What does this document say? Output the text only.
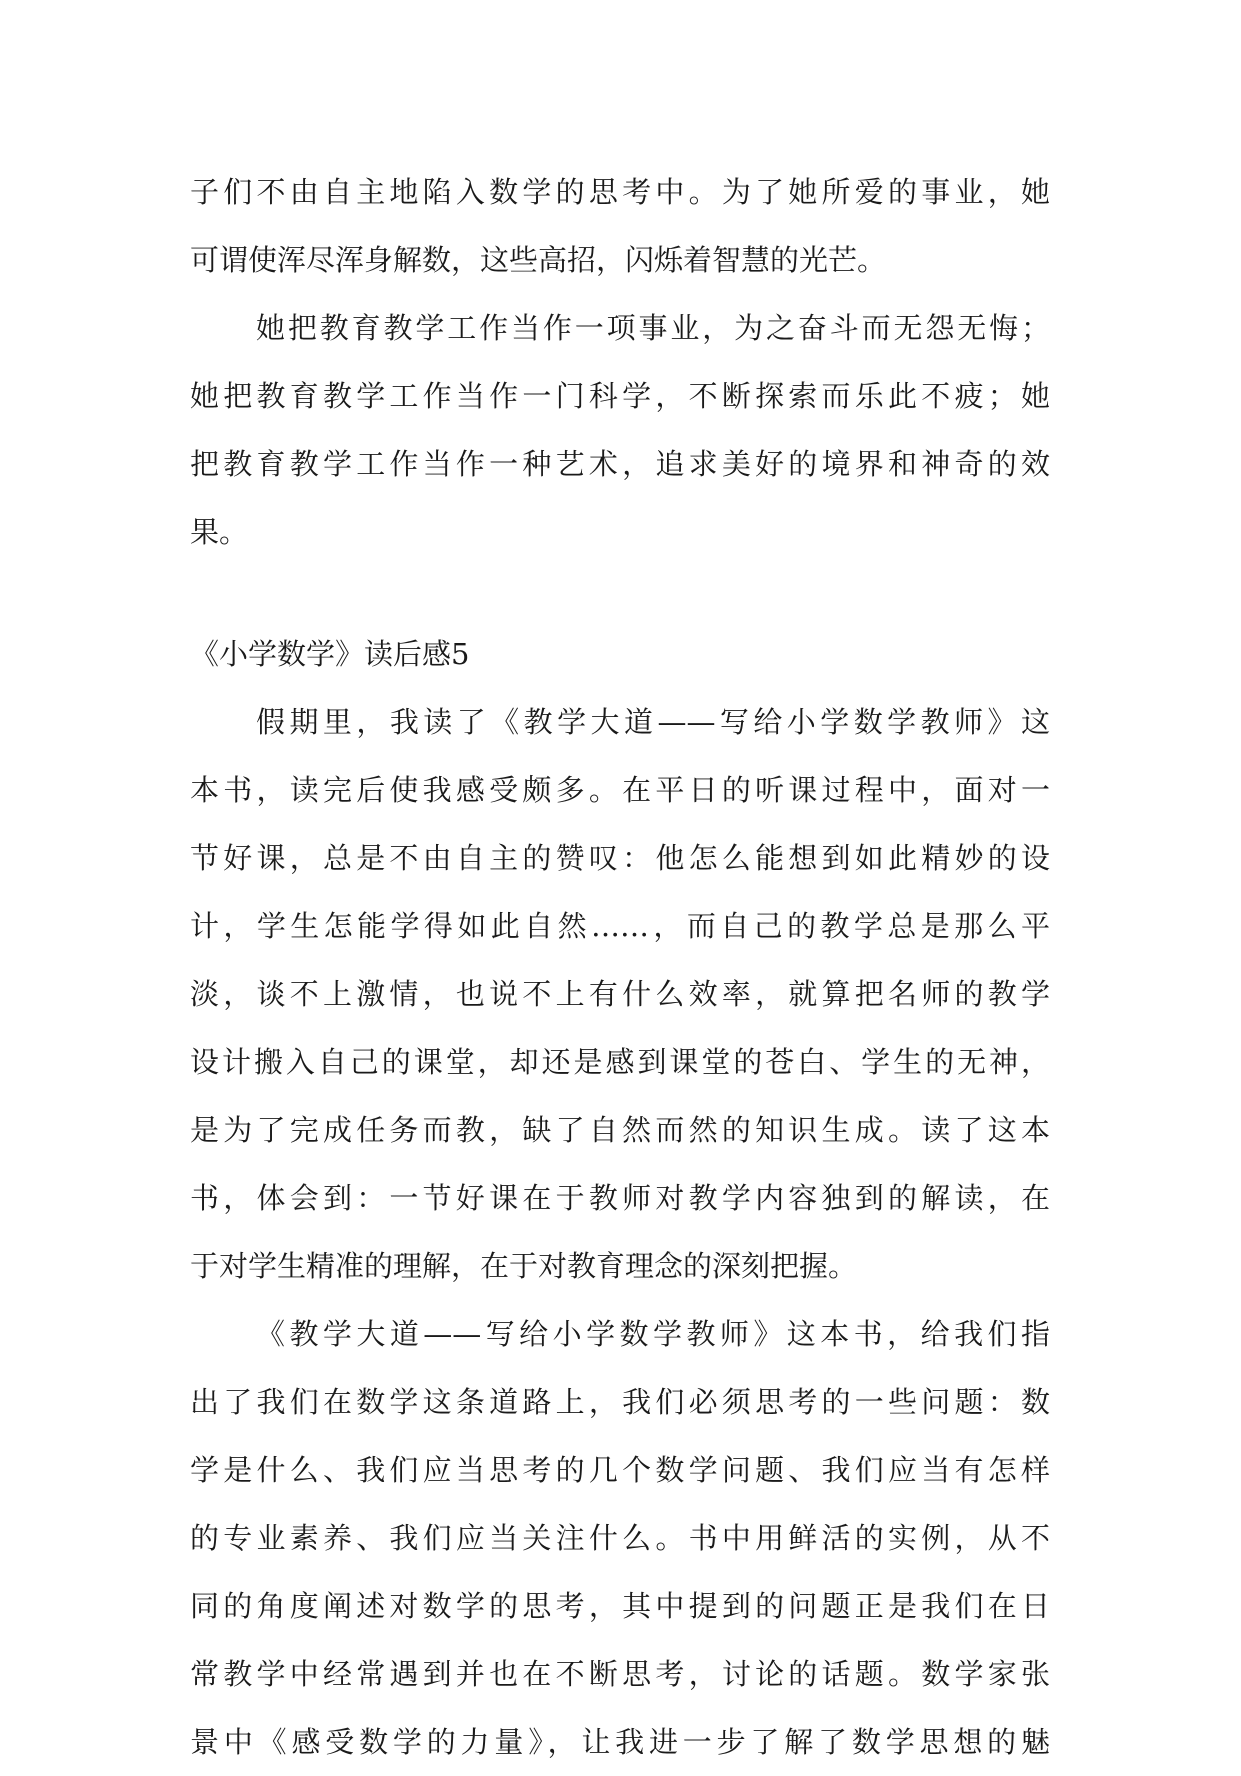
子们不由自主地陷入数学的思考中。为了她所爱的事业，她
可谓使浑尽浑身解数，这些高招，闪烁着智慧的光芒。
她把教育教学工作当作一项事业，为之奋斗而无怨无悔；
她把教育教学工作当作一门科学，不断探索而乐此不疲；她
把教育教学工作当作一种艺术，追求美好的境界和神奇的效
果。
《小学数学》读后感5
假期里，我读了《教学大道——写给小学数学教师》这
本书，读完后使我感受颇多。在平日的听课过程中，面对一
节好课，总是不由自主的赞叹：他怎么能想到如此精妙的设
计，学生怎能学得如此自然……，而自己的教学总是那么平
淡，谈不上激情，也说不上有什么效率，就算把名师的教学
设计搬入自己的课堂，却还是感到课堂的苍白、学生的无神，
是为了完成任务而教，缺了自然而然的知识生成。读了这本
书，体会到：一节好课在于教师对教学内容独到的解读，在
于对学生精准的理解，在于对教育理念的深刻把握。
《教学大道——写给小学数学教师》这本书，给我们指
出了我们在数学这条道路上，我们必须思考的一些问题：数
学是什么、我们应当思考的几个数学问题、我们应当有怎样
的专业素养、我们应当关注什么。书中用鲜活的实例，从不
同的角度阐述对数学的思考，其中提到的问题正是我们在日
常教学中经常遇到并也在不断思考，讨论的话题。数学家张
景中《感受数学的力量》，让我进一步了解了数学思想的魅
